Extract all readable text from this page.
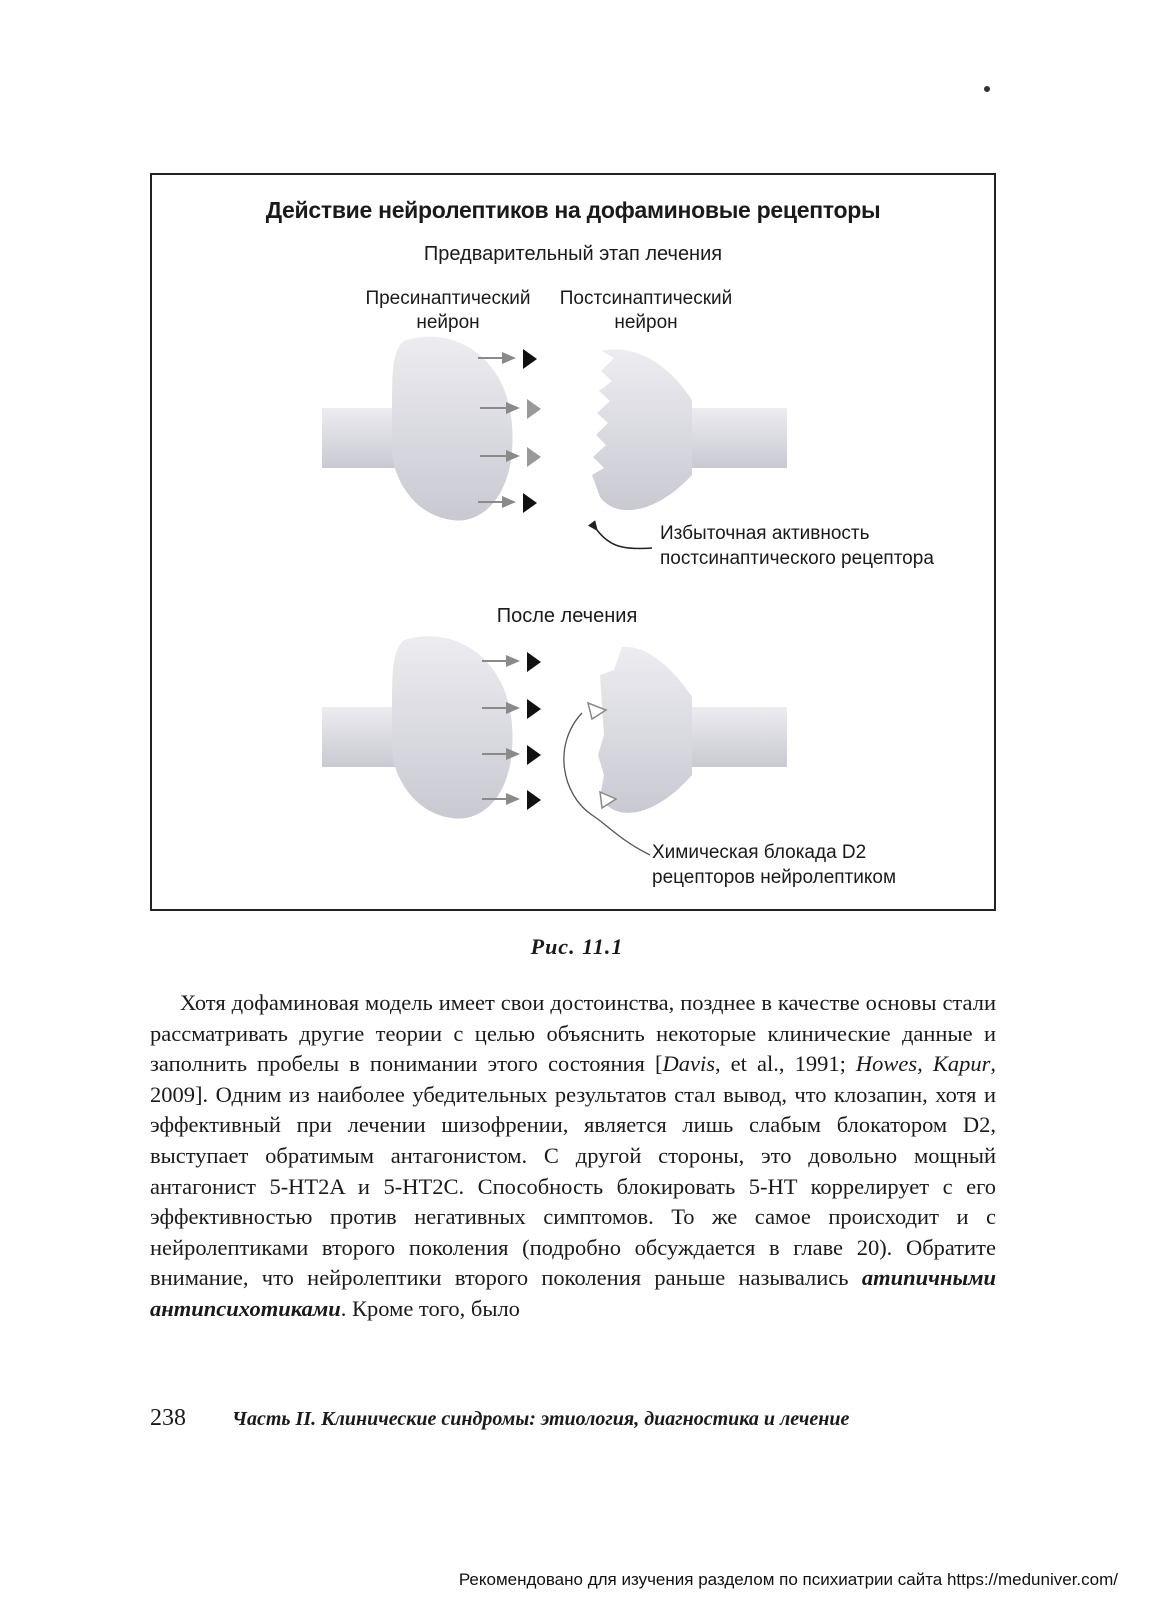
Действие нейролептиков на дофаминовые рецепторы
Предварительный этап лечения
Пресинаптический нейрон
Постсинаптический нейрон
Избыточная активность постсинаптического рецептора
После лечения
Химическая блокада D2 рецепторов нейролептиком
Рис. 11.1

Хотя дофаминовая модель имеет свои достоинства, позднее в качестве основы стали рассматривать другие теории с целью объяснить некоторые клинические данные и заполнить пробелы в понимании этого состояния [Davis, et al., 1991; Howes, Kapur, 2009]. Одним из наиболее убедительных результатов стал вывод, что клозапин, хотя и эффективный при лечении шизофрении, является лишь слабым блокатором D2, выступает обратимым антагонистом. С другой стороны, это довольно мощный антагонист 5-HT2A и 5-HT2C. Способность блокировать 5-HT коррелирует с его эффективностью против негативных симптомов. То же самое происходит и с нейролептиками второго поколения (подробно обсуждается в главе 20). Обратите внимание, что нейролептики второго поколения раньше назывались атипичными антипсихотиками. Кроме того, было

238 Часть II. Клинические синдромы: этиология, диагностика и лечение
Рекомендовано для изучения разделом по психиатрии сайта https://meduniver.com/
